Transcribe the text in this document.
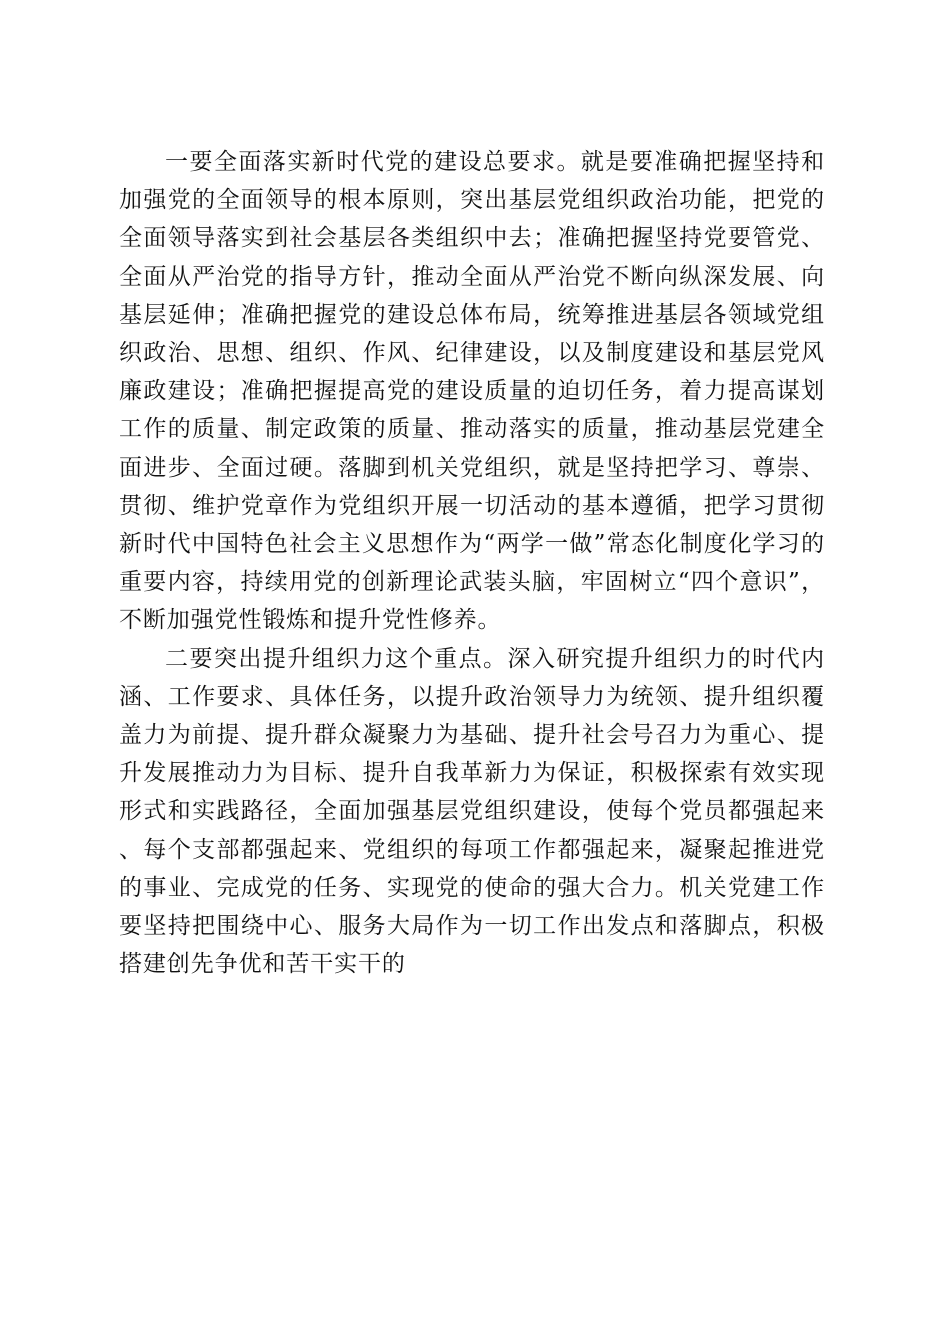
一要全面落实新时代党的建设总要求。就是要准确把握坚持和加强党的全面领导的根本原则，突出基层党组织政治功能，把党的全面领导落实到社会基层各类组织中去；准确把握坚持党要管党、全面从严治党的指导方针，推动全面从严治党不断向纵深发展、向基层延伸；准确把握党的建设总体布局，统筹推进基层各领域党组织政治、思想、组织、作风、纪律建设，以及制度建设和基层党风廉政建设；准确把握提高党的建设质量的迫切任务，着力提高谋划工作的质量、制定政策的质量、推动落实的质量，推动基层党建全面进步、全面过硬。落脚到机关党组织，就是坚持把学习、尊崇、贯彻、维护党章作为党组织开展一切活动的基本遵循，把学习贯彻新时代中国特色社会主义思想作为“两学一做”常态化制度化学习的重要内容，持续用党的创新理论武装头脑，牢固树立“四个意识”，不断加强党性锻炼和提升党性修养。

二要突出提升组织力这个重点。深入研究提升组织力的时代内涵、工作要求、具体任务，以提升政治领导力为统领、提升组织覆盖力为前提、提升群众凝聚力为基础、提升社会号召力为重心、提升发展推动力为目标、提升自我革新力为保证，积极探索有效实现形式和实践路径，全面加强基层党组织建设，使每个党员都强起来、每个支部都强起来、党组织的每项工作都强起来，凝聚起推进党的事业、完成党的任务、实现党的使命的强大合力。机关党建工作要坚持把围绕中心、服务大局作为一切工作出发点和落脚点，积极搭建创先争优和苦干实干的
